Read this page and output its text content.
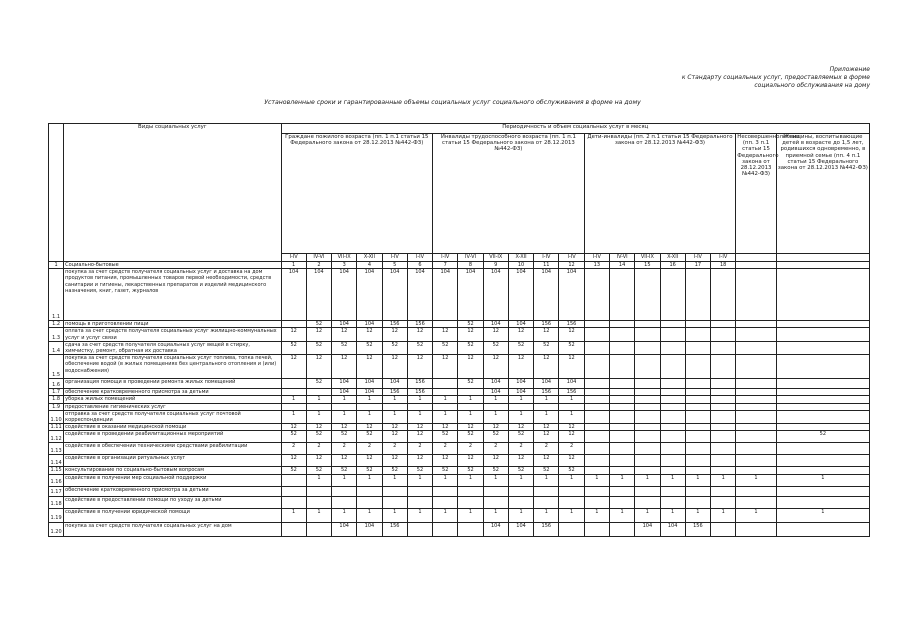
Приложение
к Стандарту социальных услуг, предоставляемых в форме
социального обслуживания на дому
Установленные сроки и гарантированные объемы социальных услуг социального обслуживания в форме на дому
	Виды социальных услуг	Периодичность и объем социальных услуг в месяц																			
		Граждане пожилого возраста (пп. 1 п.1 статьи 15 Федерального закона от 28.12.2013 №442-ФЗ)						Инвалиды трудоспособного возраста (пп. 1 п.1 статьи 15 Федерального закона от 28.12.2013 №442-ФЗ)						Дети-инвалиды (пп. 2 п.1 статьи 15 Федерального закона от 28.12.2013 №442-ФЗ)						Несовершеннолетние (пп. 3 п.1 статьи 15 Федерального закона от 28.12.2013 №442-ФЗ)	Женщины, воспитывающие детей в возрасте до 1,5 лет, родившихся одновременно, в приемной семье (пп. 4 п.1 статьи 15 Федерального закона от 28.12.2013 №442-ФЗ)
		I-IV	IV-VI	VII-IX	X-XII	I-IV	I-IV	I-IV	IV-VI	VII-IX	X-XII	I-IV	I-IV	I-IV	IV-VI	VII-IX	X-XII	I-IV	I-IV		
1	Социально-бытовые	1	2	3	4	5	6	7	8	9	10	11	12	13	14	15	16	17	18		
1.1	покупка за счет средств получателя социальных услуг и доставка на дом продуктов питания, промышленных товаров первой необходимости, средств санитарии и гигиены, лекарственных препаратов и изделий медицинского назначения, книг, газет, журналов	104	104	104	104	104	104	104	104	104	104	104	104								
1.2	помощь в приготовлении пищи		52	104	104	156	156		52	104	104	156	156								
1.3	оплата за счет средств получателя социальных услуг жилищно-коммунальных услуг и услуг связи	12	12	12	12	12	12	12	12	12	12	12	12								
1.4	сдача за счет средств получателя социальных услуг вещей в стирку, химчистку, ремонт, обратная их доставка	52	52	52	52	52	52	52	52	52	52	52	52								
1.5	покупка за счет средств получателя социальных услуг топлива, топка печей, обеспечение водой (в жилых помещениях без центрального отопления и (или) водоснабжения)	12	12	12	12	12	12	12	12	12	12	12	12								
1.6	организация помощи в проведении ремонта жилых помещений		52	104	104	104	156		52	104	104	104	104								
1.7	обеспечение кратковременного присмотра за детьми			104	104	156	156			104	104	156	156								
1.8	уборка жилых помещений	1	1	1	1	1	1	1	1	1	1	1	1								
1.9	предоставление гигиенических услуг																				
1.10	отправка за счет средств получателя социальных услуг почтовой корреспонденции	1	1	1	1	1	1	1	1	1	1	1	1								
1.11	содействие в оказании медицинской помощи	12	12	12	12	12	12	12	12	12	12	12	12								
1.12	содействие в проведении реабилитационных мероприятий	52	52	52	52	12	12	52	52	52	52	12	12								52
1.13	содействие в обеспечении техническими средствами реабилитации	2	2	2	2	2	2	2	2	2	2	2	2								
1.14	содействие в организации ритуальных услуг	12	12	12	12	12	12	12	12	12	12	12	12								
1.15	консультирование по социально-бытовым вопросам	52	52	52	52	52	52	52	52	52	52	52	52								
1.16	содействие в получении мер социальной поддержки		1	1	1	1	1	1	1	1	1	1	1	1	1	1	1	1	1	1	1
1.17	обеспечение кратковременного присмотра за детьми																				
1.18	содействие в предоставлении помощи по уходу за детьми																				
1.19	содействие в получении юридической помощи	1	1	1	1	1	1	1	1	1	1	1	1	1	1	1	1	1	1	1	1
1.20	покупка за счет средств получателя социальных услуг на дом			104	104	156				104	104	156				104	104	156			
